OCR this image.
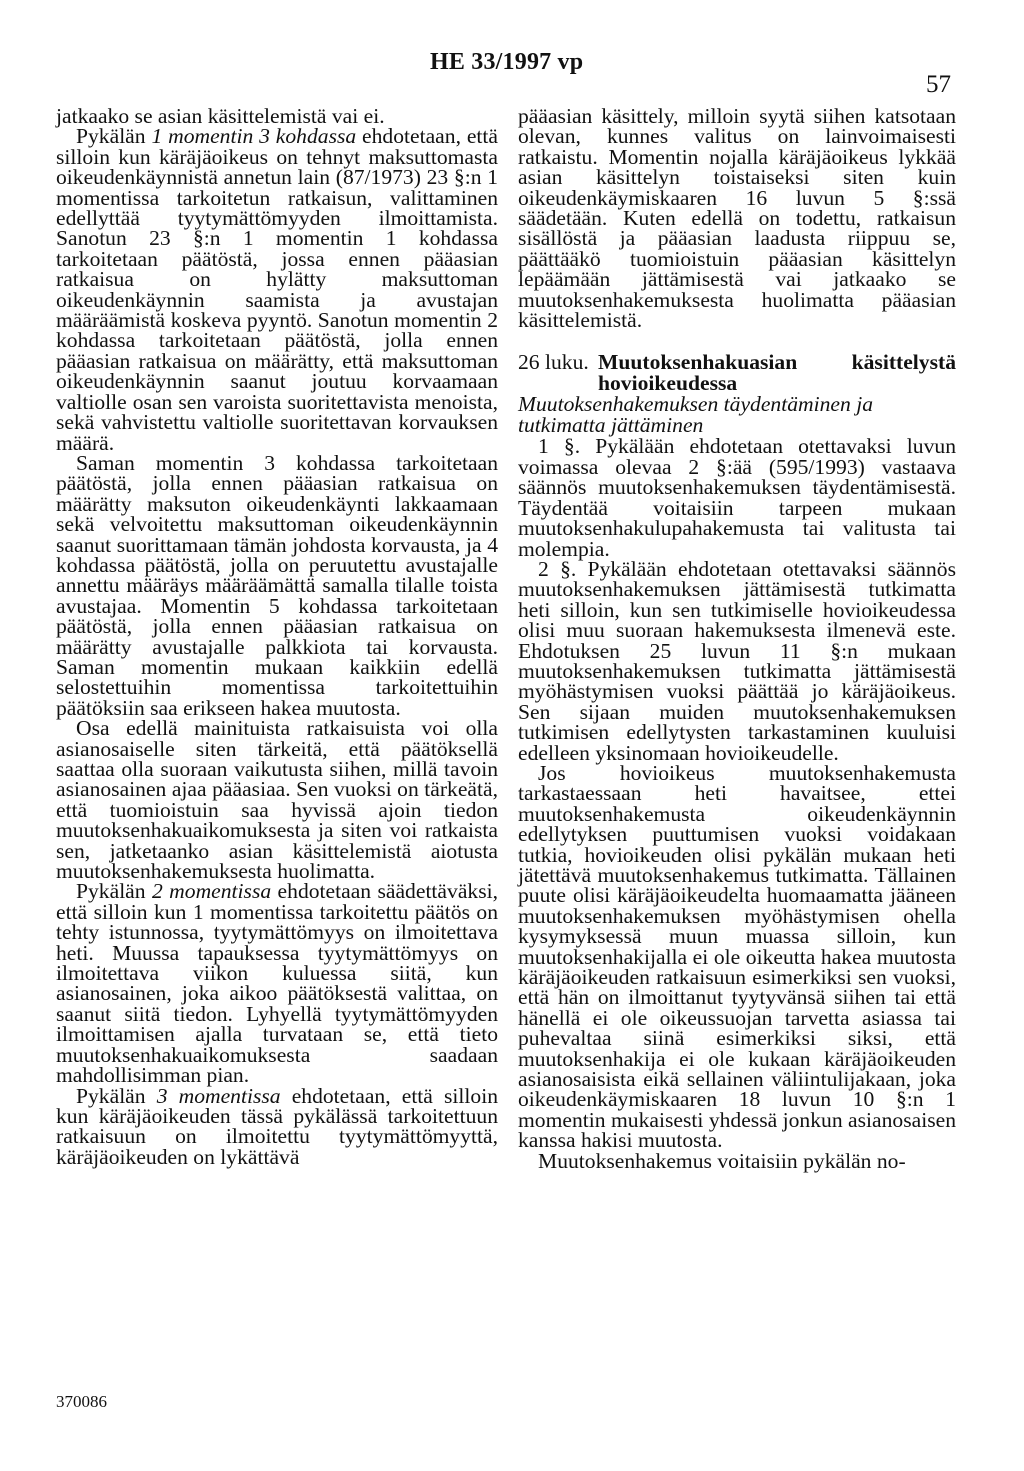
HE 33/1997 vp
57

jatkaako se asian käsittelemistä vai ei.

Pykälän 1 momentin 3 kohdassa ehdotetaan, että silloin kun käräjäoikeus on tehnyt maksuttomasta oikeudenkäynnistä annetun lain (87/1973) 23 §:n 1 momentissa tarkoitetun ratkaisun, valittaminen edellyttää tyytymättömyyden ilmoittamista. Sanotun 23 §:n 1 momentin 1 kohdassa tarkoitetaan päätöstä, jossa ennen pääasian ratkaisua on hylätty maksuttoman oikeudenkäynnin saamista ja avustajan määräämistä koskeva pyyntö. Sanotun momentin 2 kohdassa tarkoitetaan päätöstä, jolla ennen pääasian ratkaisua on määrätty, että maksuttoman oikeudenkäynnin saanut joutuu korvaamaan valtiolle osan sen varoista suoritettavista menoista, sekä vahvistettu valtiolle suoritettavan korvauksen määrä.

Saman momentin 3 kohdassa tarkoitetaan päätöstä, jolla ennen pääasian ratkaisua on määrätty maksuton oikeudenkäynti lakkaamaan sekä velvoitettu maksuttoman oikeudenkäynnin saanut suorittamaan tämän johdosta korvausta, ja 4 kohdassa päätöstä, jolla on peruutettu avustajalle annettu määräys määräämättä samalla tilalle toista avustajaa. Momentin 5 kohdassa tarkoitetaan päätöstä, jolla ennen pääasian ratkaisua on määrätty avustajalle palkkiota tai korvausta. Saman momentin mukaan kaikkiin edellä selostettuihin momentissa tarkoitettuihin päätöksiin saa erikseen hakea muutosta.

Osa edellä mainituista ratkaisuista voi olla asianosaiselle siten tärkeitä, että päätöksellä saattaa olla suoraan vaikutusta siihen, millä tavoin asianosainen ajaa pääasiaa. Sen vuoksi on tärkeätä, että tuomioistuin saa hyvissä ajoin tiedon muutoksenhakuaikomuksesta ja siten voi ratkaista sen, jatketaanko asian käsittelemistä aiotusta muutoksenhakemuksesta huolimatta.

Pykälän 2 momentissa ehdotetaan säädettäväksi, että silloin kun 1 momentissa tarkoitettu päätös on tehty istunnossa, tyytymättömyys on ilmoitettava heti. Muussa tapauksessa tyytymättömyys on ilmoitettava viikon kuluessa siitä, kun asianosainen, joka aikoo päätöksestä valittaa, on saanut siitä tiedon. Lyhyellä tyytymättömyyden ilmoittamisen ajalla turvataan se, että tieto muutoksenhakuaikomuksesta saadaan mahdollisimman pian.

Pykälän 3 momentissa ehdotetaan, että silloin kun käräjäoikeuden tässä pykälässä tarkoitettuun ratkaisuun on ilmoitettu tyytymättömyyttä, käräjäoikeuden on lykättävä

pääasian käsittely, milloin syytä siihen katsotaan olevan, kunnes valitus on lainvoimaisesti ratkaistu. Momentin nojalla käräjäoikeus lykkää asian käsittelyn toistaiseksi siten kuin oikeudenkäymiskaaren 16 luvun 5 §:ssä säädetään. Kuten edellä on todettu, ratkaisun sisällöstä ja pääasian laadusta riippuu se, päättääkö tuomioistuin pääasian käsittelyn lepäämään jättämisestä vai jatkaako se muutoksenhakemuksesta huolimatta pääasian käsittelemistä.

26 luku. Muutoksenhakuasian käsittelystä hovioikeudessa

Muutoksenhakemuksen täydentäminen ja tutkimatta jättäminen

1 §. Pykälään ehdotetaan otettavaksi luvun voimassa olevaa 2 §:ää (595/1993) vastaava säännös muutoksenhakemuksen täydentämisestä. Täydentää voitaisiin tarpeen mukaan muutoksenhakulupahakemusta tai valitusta tai molempia.

2 §. Pykälään ehdotetaan otettavaksi säännös muutoksenhakemuksen jättämisestä tutkimatta heti silloin, kun sen tutkimiselle hovioikeudessa olisi muu suoraan hakemuksesta ilmenevä este. Ehdotuksen 25 luvun 11 §:n mukaan muutoksenhakemuksen tutkimatta jättämisestä myöhästymisen vuoksi päättää jo käräjäoikeus. Sen sijaan muiden muutoksenhakemuksen tutkimisen edellytysten tarkastaminen kuuluisi edelleen yksinomaan hovioikeudelle.

Jos hovioikeus muutoksenhakemusta tarkastaessaan heti havaitsee, ettei muutoksenhakemusta oikeudenkäynnin edellytyksen puuttumisen vuoksi voidakaan tutkia, hovioikeuden olisi pykälän mukaan heti jätettävä muutoksenhakemus tutkimatta. Tällainen puute olisi käräjäoikeudelta huomaamatta jääneen muutoksenhakemuksen myöhästymisen ohella kysymyksessä muun muassa silloin, kun muutoksenhakijalla ei ole oikeutta hakea muutosta käräjäoikeuden ratkaisuun esimerkiksi sen vuoksi, että hän on ilmoittanut tyytyvänsä siihen tai että hänellä ei ole oikeussuojan tarvetta asiassa tai puhevaltaa siinä esimerkiksi siksi, että muutoksenhakija ei ole kukaan käräjäoikeuden asianosaisista eikä sellainen väliintulijakaan, joka oikeudenkäymiskaaren 18 luvun 10 §:n 1 momentin mukaisesti yhdessä jonkun asianosaisen kanssa hakisi muutosta.

Muutoksenhakemus voitaisiin pykälän no-

370086
